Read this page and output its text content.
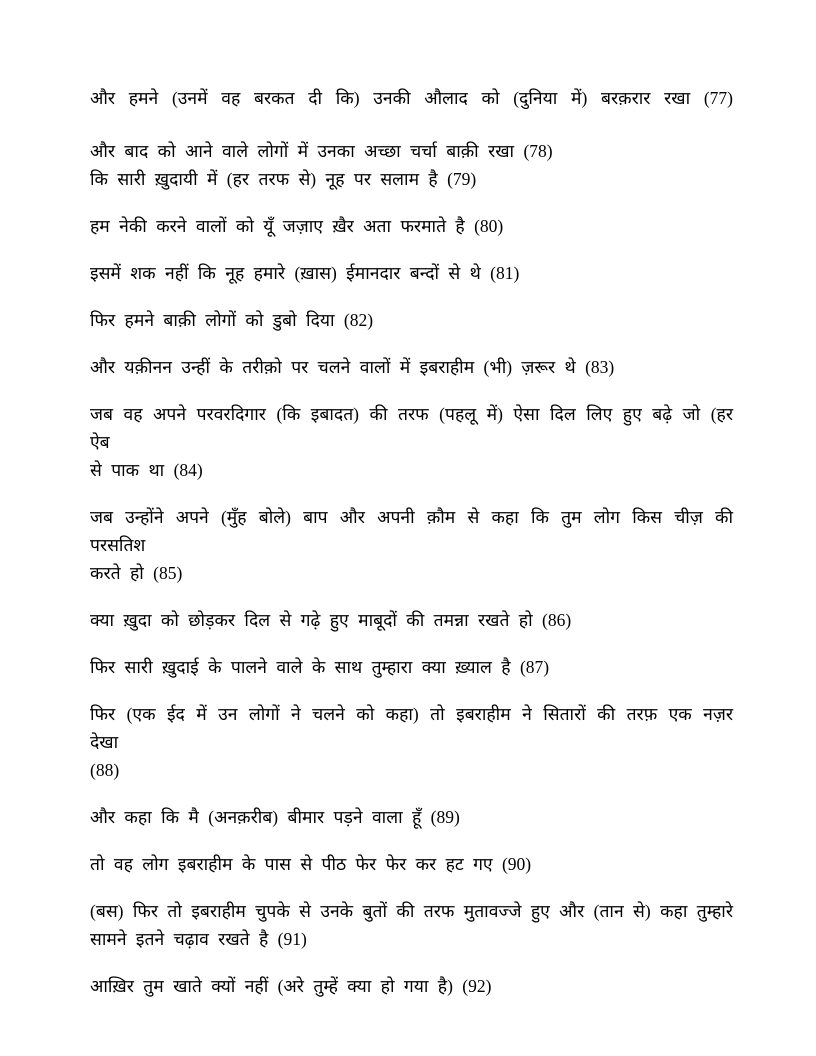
और हमने (उनमें वह बरकत दी कि) उनकी औलाद को (दुनिया में) बरक़रार रखा (77)

और बाद को आने वाले लोगों में उनका अच्छा चर्चा बाक़ी रखा (78)

कि सारी ख़ुदायी में (हर तरफ से) नूह पर सलाम है (79)

हम नेकी करने वालों को यूँ जज़ाए ख़ैर अता फरमाते है (80)

इसमें शक नहीं कि नूह हमारे (ख़ास) ईमानदार बन्दों से थे (81)

फिर हमने बाक़ी लोगों को डुबो दिया (82)

और यक़ीनन उन्हीं के तरीक़ो पर चलने वालों में इबराहीम (भी) ज़रूर थे (83)

जब वह अपने परवरदिगार (कि इबादत) की तरफ (पहलू में) ऐसा दिल लिए हुए बढ़े जो (हर ऐब

से पाक था (84)

जब उन्होंने अपने (मुँह बोले) बाप और अपनी क़ौम से कहा कि तुम लोग किस चीज़ की परसतिश

करते हो (85)

क्या ख़ुदा को छोड़कर दिल से गढ़े हुए माबूदों की तमन्ना रखते हो (86)

फिर सारी ख़ुदाई के पालने वाले के साथ तुम्हारा क्या ख़्याल है (87)

फिर (एक ईद में उन लोगों ने चलने को कहा) तो इबराहीम ने सितारों की तरफ़ एक नज़र देखा

(88)

और कहा कि मै (अनक़रीब) बीमार पड़ने वाला हूँ (89)

तो वह लोग इबराहीम के पास से पीठ फेर फेर कर हट गए (90)

(बस) फिर तो इबराहीम चुपके से उनके बुतों की तरफ मुतावज्जे हुए और (तान से) कहा तुम्हारे

सामने इतने चढ़ाव रखते है (91)

आख़िर तुम खाते क्यों नहीं (अरे तुम्हें क्या हो गया है) (92)
